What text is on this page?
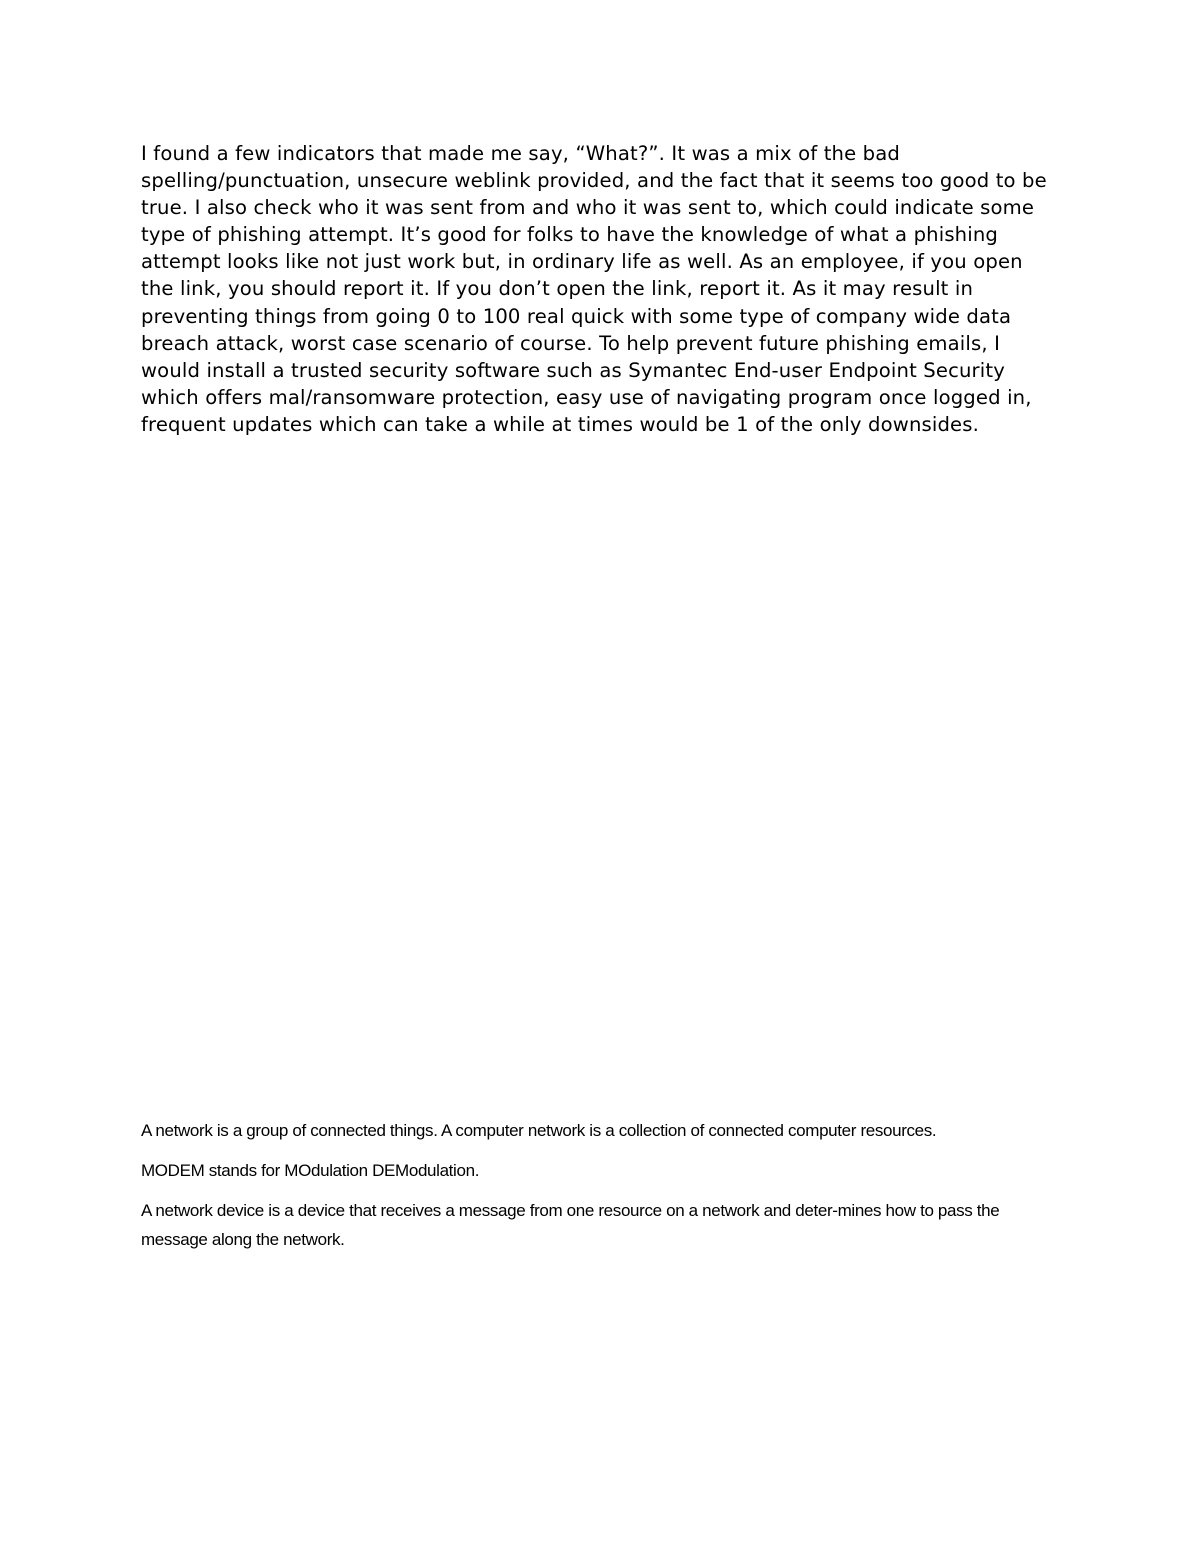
I found a few indicators that made me say, “What?”. It was a mix of the bad spelling/punctuation, unsecure weblink provided, and the fact that it seems too good to be true. I also check who it was sent from and who it was sent to, which could indicate some type of phishing attempt. It’s good for folks to have the knowledge of what a phishing attempt looks like not just work but, in ordinary life as well. As an employee, if you open the link, you should report it. If you don’t open the link, report it. As it may result in preventing things from going 0 to 100 real quick with some type of company wide data breach attack, worst case scenario of course. To help prevent future phishing emails, I would install a trusted security software such as Symantec End-user Endpoint Security which offers mal/ransomware protection, easy use of navigating program once logged in, frequent updates which can take a while at times would be 1 of the only downsides.

A network is a group of connected things. A computer network is a collection of connected computer resources.

MODEM stands for MOdulation DEModulation.

A network device is a device that receives a message from one resource on a network and deter-mines how to pass the message along the network.
